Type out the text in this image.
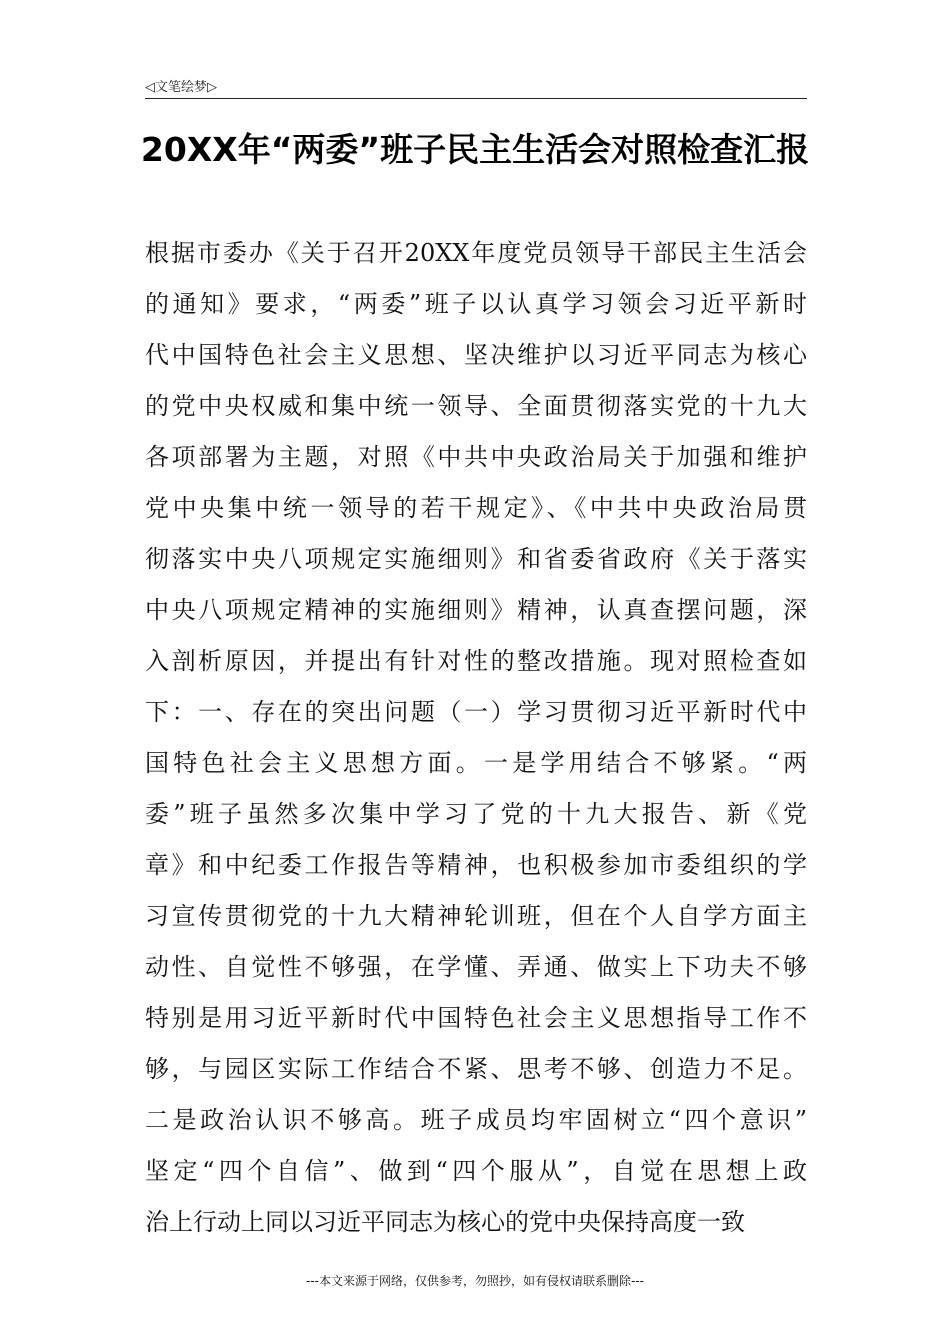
◁文笔绘梦▷
20XX年“两委”班子民主生活会对照检查汇报
根据市委办《关于召开20XX年度党员领导干部民主生活会
的通知》要求，“两委”班子以认真学习领会习近平新时
代中国特色社会主义思想、坚决维护以习近平同志为核心
的党中央权威和集中统一领导、全面贯彻落实党的十九大
各项部署为主题，对照《中共中央政治局关于加强和维护
党中央集中统一领导的若干规定》、《中共中央政治局贯
彻落实中央八项规定实施细则》和省委省政府《关于落实
中央八项规定精神的实施细则》精神，认真查摆问题，深
入剖析原因，并提出有针对性的整改措施。现对照检查如
下：一、存在的突出问题（一）学习贯彻习近平新时代中
国特色社会主义思想方面。一是学用结合不够紧。“两
委”班子虽然多次集中学习了党的十九大报告、新《党
章》和中纪委工作报告等精神，也积极参加市委组织的学
习宣传贯彻党的十九大精神轮训班，但在个人自学方面主
动性、自觉性不够强，在学懂、弄通、做实上下功夫不够
特别是用习近平新时代中国特色社会主义思想指导工作不
够，与园区实际工作结合不紧、思考不够、创造力不足。
二是政治认识不够高。班子成员均牢固树立“四个意识”
坚定“四个自信”、做到“四个服从”，自觉在思想上政
治上行动上同以习近平同志为核心的党中央保持高度一致
---本文来源于网络，仅供参考，勿照抄，如有侵权请联系删除---
